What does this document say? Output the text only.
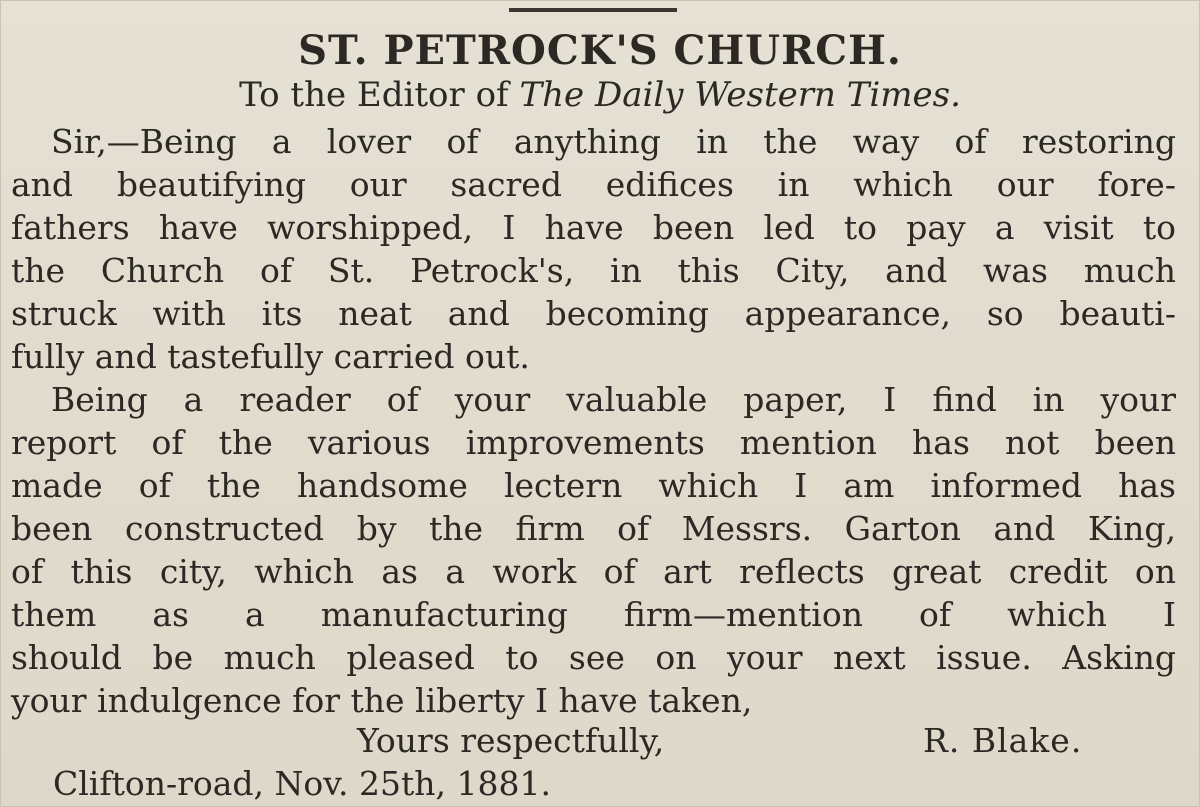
ST. PETROCK'S CHURCH.

To the Editor of The Daily Western Times.

Sir,—Being a lover of anything in the way of restoring

and beautifying our sacred edifices in which our fore-

fathers have worshipped, I have been led to pay a visit to

the Church of St. Petrock's, in this City, and was much

struck with its neat and becoming appearance, so beauti-

fully and tastefully carried out.

Being a reader of your valuable paper, I find in your

report of the various improvements mention has not been

made of the handsome lectern which I am informed has

been constructed by the firm of Messrs. Garton and King,

of this city, which as a work of art reflects great credit on

them as a manufacturing firm—mention of which I

should be much pleased to see on your next issue. Asking

your indulgence for the liberty I have taken,

Yours respectfully,	R. Blake.

Clifton-road, Nov. 25th, 1881.
